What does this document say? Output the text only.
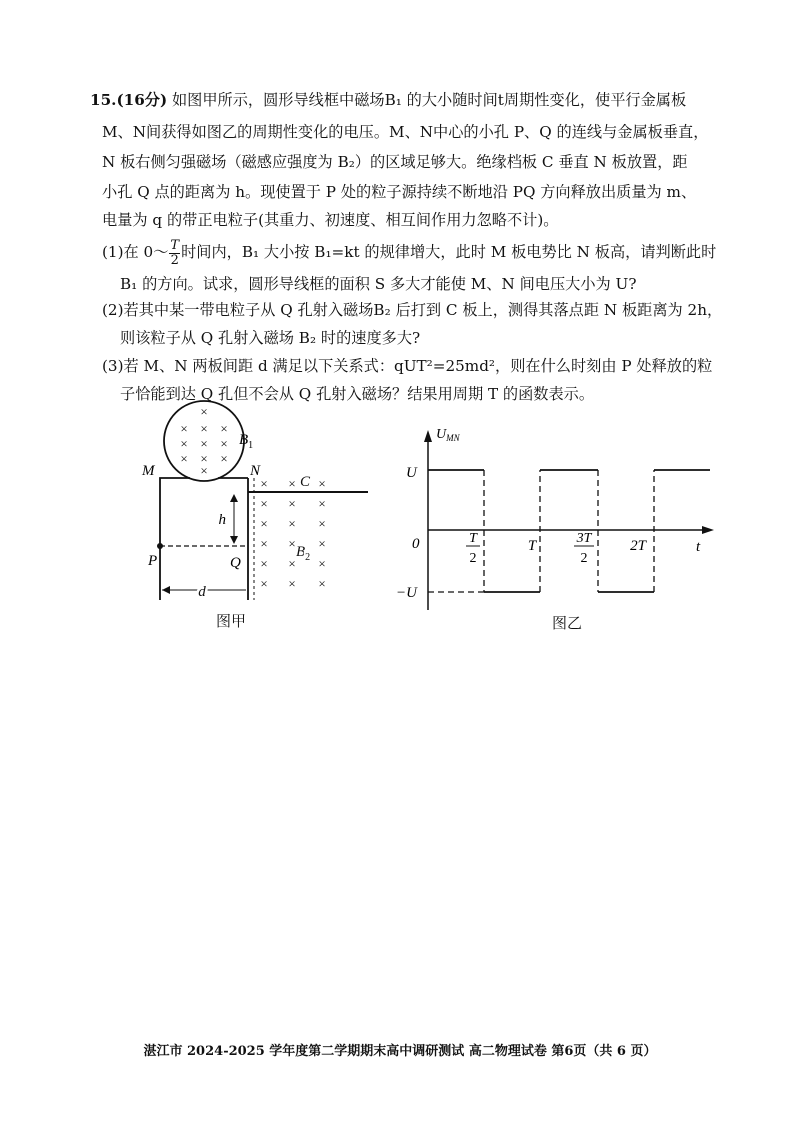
15.(16分) 如图甲所示，圆形导线框中磁场B₁ 的大小随时间t周期性变化，使平行金属板
M、N间获得如图乙的周期性变化的电压。M、N中心的小孔 P、Q 的连线与金属板垂直，
N 板右侧匀强磁场（磁感应强度为 B₂）的区域足够大。绝缘档板 C 垂直 N 板放置，距
小孔 Q 点的距离为 h。现使置于 P 处的粒子源持续不断地沿 PQ 方向释放出质量为 m、
电量为 q 的带正电粒子(其重力、初速度、相互间作用力忽略不计)。
(1)在 0～ $\frac{T}{2}$ 时间内，B₁ 大小按 B₁=kt 的规律增大，此时 M 板电势比 N 板高，请判断此时
B₁ 的方向。试求，圆形导线框的面积 S 多大才能使 M、N 间电压大小为 U?
(2)若其中某一带电粒子从 Q 孔射入磁场B₂ 后打到 C 板上，测得其落点距 N 板距离为 2h，
则该粒子从 Q 孔射入磁场 B₂ 时的速度多大?
(3)若 M、N 两板间距 d 满足以下关系式：qUT²=25md²，则在什么时刻由 P 处释放的粒
子恰能到达 Q 孔但不会从 Q 孔射入磁场？结果用周期 T 的函数表示。
×
× × ×
× × ×
× × ×
×
$B_1$
h
d
M	N
P	Q
× × ×
× × ×
× × ×
× × ×
× × ×
× × ×
C
$B_2$
图甲
$U_{MN}$
t
0
U
−U
T
2
T	3T
2
2T
图乙
湛江市 2024-2025 学年度第二学期期末高中调研测试 高二物理试卷 第6页（共 6 页）
